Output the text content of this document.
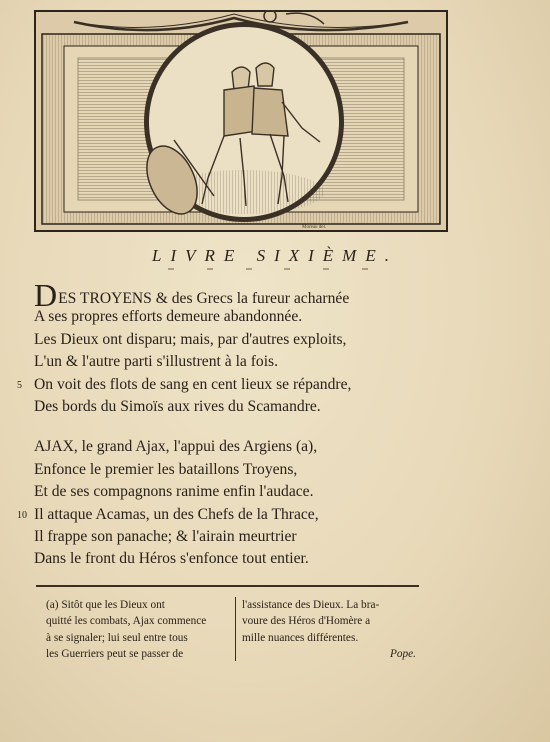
Moreau del.
LIVRE SIXIÈME.
DES TROYENS & des Grecs la fureur acharnée
A ses propres efforts demeure abandonnée.
Les Dieux ont disparu; mais, par d'autres exploits,
L'un & l'autre parti s'illustrent à la fois.
5 On voit des flots de sang en cent lieux se répandre,
Des bords du Simoïs aux rives du Scamandre.
AJAX, le grand Ajax, l'appui des Argiens (a),
Enfonce le premier les bataillons Troyens,
Et de ses compagnons ranime enfin l'audace.
10 Il attaque Acamas, un des Chefs de la Thrace,
Il frappe son panache; & l'airain meurtrier
Dans le front du Héros s'enfonce tout entier.
(a) Sitôt que les Dieux ont
quitté les combats, Ajax commence
à se signaler; lui seul entre tous
les Guerriers peut se passer de
l'assistance des Dieux. La bra-
voure des Héros d'Homère a
mille nuances différentes.
Pope.
